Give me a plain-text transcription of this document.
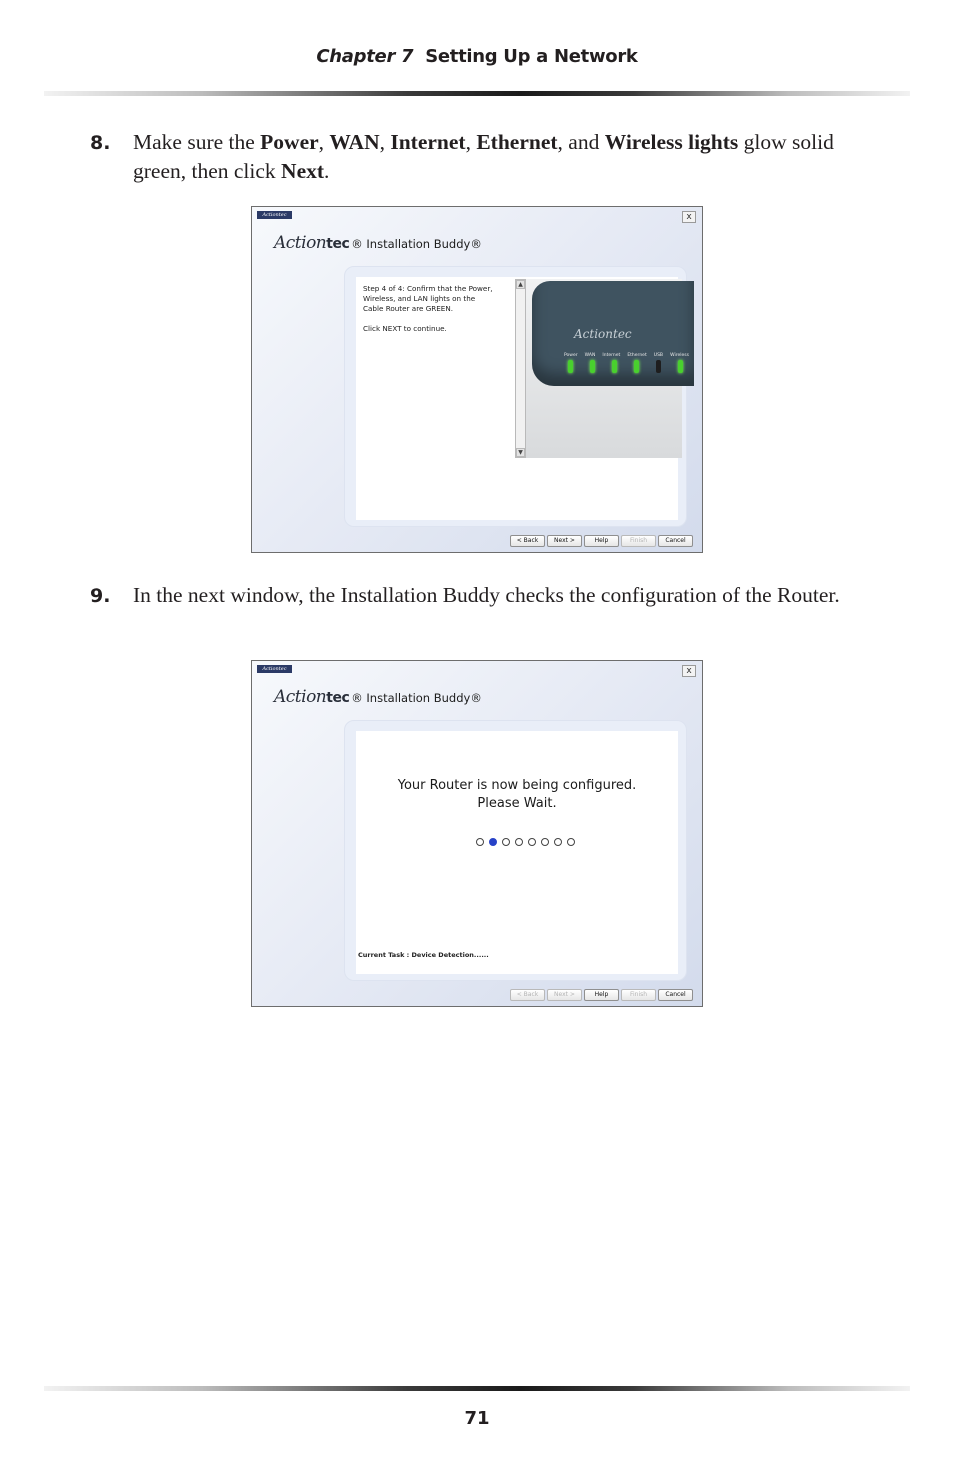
Chapter 7 Setting Up a Network
8. Make sure the Power, WAN, Internet, Ethernet, and Wireless lights glow solid green, then click Next.
Actiontec	x
Actiontec ® Installation Buddy®
Step 4 of 4: Confirm that the Power,
Wireless, and LAN lights on the
Cable Router are GREEN.

Click NEXT to continue.
▲
▼
Actiontec
Power WAN Internet Ethernet USB Wireless
< Back	Next >	Help	Finish	Cancel
9. In the next window, the Installation Buddy checks the configuration of the Router.
Actiontec	x
Actiontec ® Installation Buddy®
Your Router is now being configured.
Please Wait.
Current Task : Device Detection......
< Back	Next >	Help	Finish	Cancel
71
